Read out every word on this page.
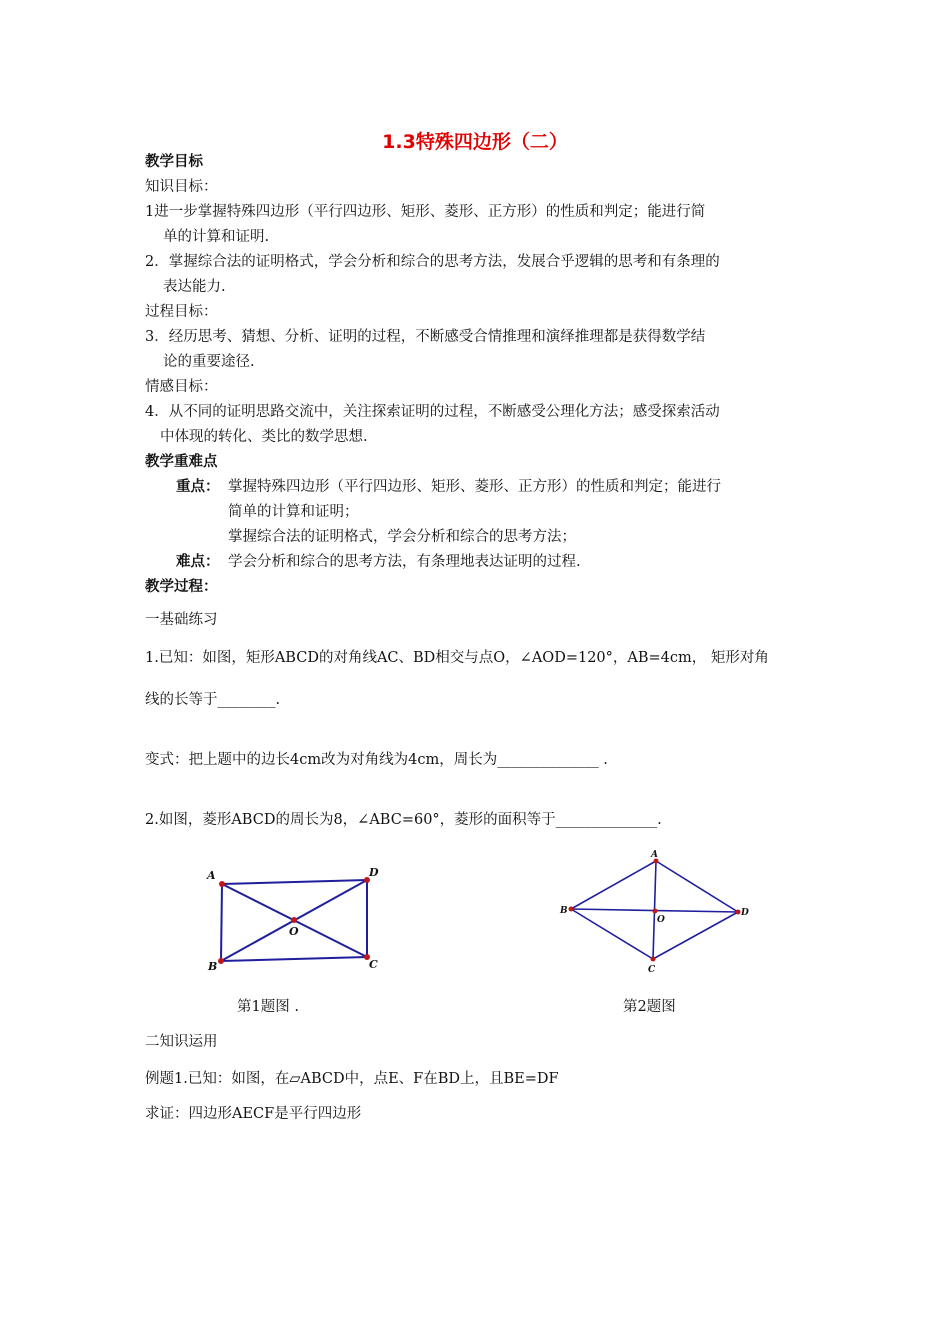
1.3特殊四边形（二）
教学目标
知识目标：
1进一步掌握特殊四边形（平行四边形、矩形、菱形、正方形）的性质和判定；能进行简
单的计算和证明.
2．掌握综合法的证明格式，学会分析和综合的思考方法，发展合乎逻辑的思考和有条理的
表达能力.
过程目标：
3．经历思考、猜想、分析、证明的过程，不断感受合情推理和演绎推理都是获得数学结
论的重要途径.
情感目标：
4．从不同的证明思路交流中，关注探索证明的过程，不断感受公理化方法；感受探索活动
中体现的转化、类比的数学思想.
教学重难点
重点： 掌握特殊四边形（平行四边形、矩形、菱形、正方形）的性质和判定；能进行
简单的计算和证明；
掌握综合法的证明格式，学会分析和综合的思考方法；
难点： 学会分析和综合的思考方法，有条理地表达证明的过程.
教学过程：
一基础练习
1.已知：如图，矩形ABCD的对角线AC、BD相交与点O，∠AOD=120°，AB=4cm， 矩形对角
线的长等于________.
变式：把上题中的边长4cm改为对角线为4cm，周长为______________ .
2.如图，菱形ABCD的周长为8，∠ABC=60°，菱形的面积等于______________.
A	D
C
B
O
A
D
C
B
O
第1题图 .	第2题图
二知识运用
例题1.已知：如图，在▱ABCD中，点E、F在BD上，且BE=DF
求证：四边形AECF是平行四边形
